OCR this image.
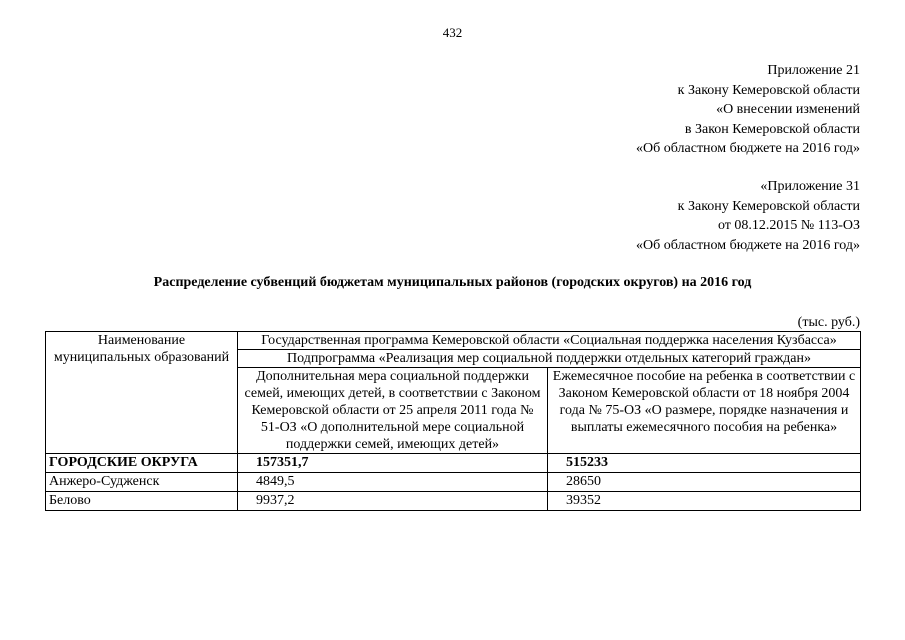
432
Приложение 21
к Закону Кемеровской области
«О внесении изменений
в Закон Кемеровской области
«Об областном бюджете на 2016 год»
«Приложение 31
к Закону Кемеровской области
от 08.12.2015 № 113-ОЗ
«Об областном бюджете на 2016 год»
Распределение субвенций бюджетам муниципальных районов (городских округов) на 2016 год
(тыс. руб.)
Наименование муниципальных образований	Государственная программа Кемеровской области «Социальная поддержка населения Кузбасса»	
	Подпрограмма «Реализация мер социальной поддержки отдельных категорий граждан»	
	Дополнительная мера социальной поддержки семей, имеющих детей, в соответствии с Законом Кемеровской области от 25 апреля 2011 года № 51-ОЗ «О дополнительной мере социальной поддержки семей, имеющих детей»	Ежемесячное пособие на ребенка в соответствии с Законом Кемеровской области от 18 ноября 2004 года № 75-ОЗ «О размере, порядке назначения и выплаты ежемесячного пособия на ребенка»
ГОРОДСКИЕ ОКРУГА	157351,7	515233
Анжеро-Судженск	4849,5	28650
Белово	9937,2	39352
